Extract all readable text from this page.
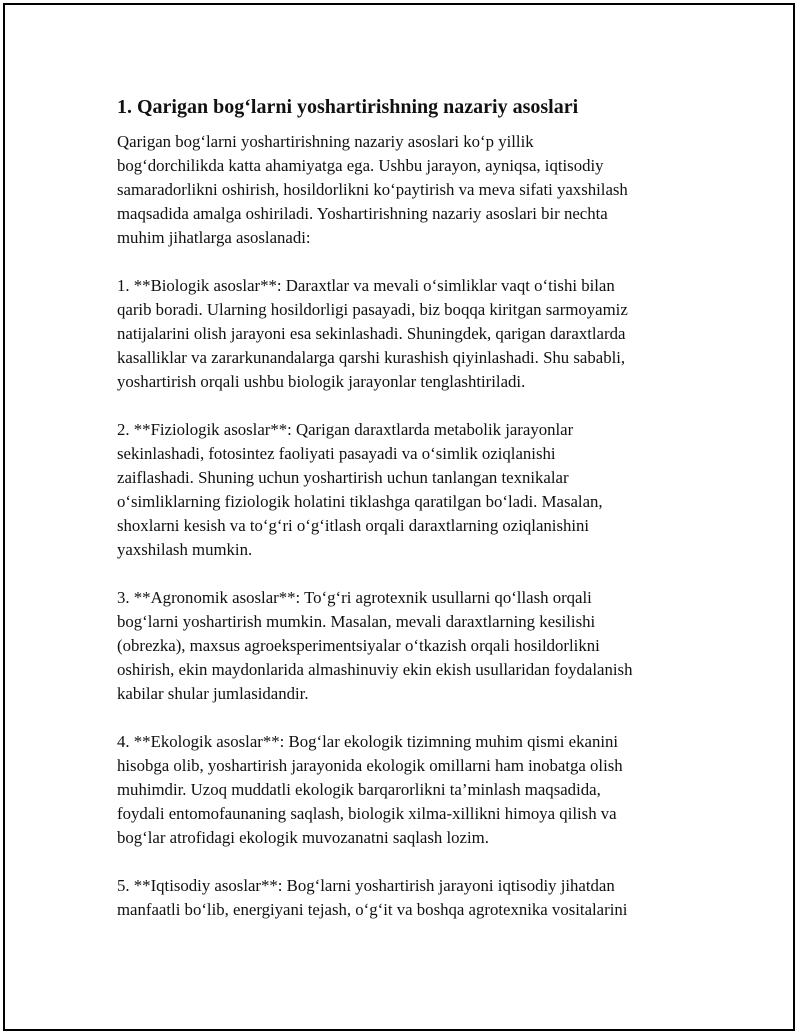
1. Qarigan bog‘larni yoshartirishning nazariy asoslari
Qarigan bog‘larni yoshartirishning nazariy asoslari ko‘p yillik
bog‘dorchilikda katta ahamiyatga ega. Ushbu jarayon, ayniqsa, iqtisodiy
samaradorlikni oshirish, hosildorlikni ko‘paytirish va meva sifati yaxshilash
maqsadida amalga oshiriladi. Yoshartirishning nazariy asoslari bir nechta
muhim jihatlarga asoslanadi:
1. **Biologik asoslar**: Daraxtlar va mevali o‘simliklar vaqt o‘tishi bilan
qarib boradi. Ularning hosildorligi pasayadi, biz boqqa kiritgan sarmoyamiz
natijalarini olish jarayoni esa sekinlashadi. Shuningdek, qarigan daraxtlarda
kasalliklar va zararkunandalarga qarshi kurashish qiyinlashadi. Shu sababli,
yoshartirish orqali ushbu biologik jarayonlar tenglashtiriladi.
2. **Fiziologik asoslar**: Qarigan daraxtlarda metabolik jarayonlar
sekinlashadi, fotosintez faoliyati pasayadi va o‘simlik oziqlanishi
zaiflashadi. Shuning uchun yoshartirish uchun tanlangan texnikalar
o‘simliklarning fiziologik holatini tiklashga qaratilgan bo‘ladi. Masalan,
shoxlarni kesish va to‘g‘ri o‘g‘itlash orqali daraxtlarning oziqlanishini
yaxshilash mumkin.
3. **Agronomik asoslar**: To‘g‘ri agrotexnik usullarni qo‘llash orqali
bog‘larni yoshartirish mumkin. Masalan, mevali daraxtlarning kesilishi
(obrezka), maxsus agroeksperimentsiyalar o‘tkazish orqali hosildorlikni
oshirish, ekin maydonlarida almashinuviy ekin ekish usullaridan foydalanish
kabilar shular jumlasidandir.
4. **Ekologik asoslar**: Bog‘lar ekologik tizimning muhim qismi ekanini
hisobga olib, yoshartirish jarayonida ekologik omillarni ham inobatga olish
muhimdir. Uzoq muddatli ekologik barqarorlikni ta’minlash maqsadida,
foydali entomofaunaning saqlash, biologik xilma-xillikni himoya qilish va
bog‘lar atrofidagi ekologik muvozanatni saqlash lozim.
5. **Iqtisodiy asoslar**: Bog‘larni yoshartirish jarayoni iqtisodiy jihatdan
manfaatli bo‘lib, energiyani tejash, o‘g‘it va boshqa agrotexnika vositalarini
